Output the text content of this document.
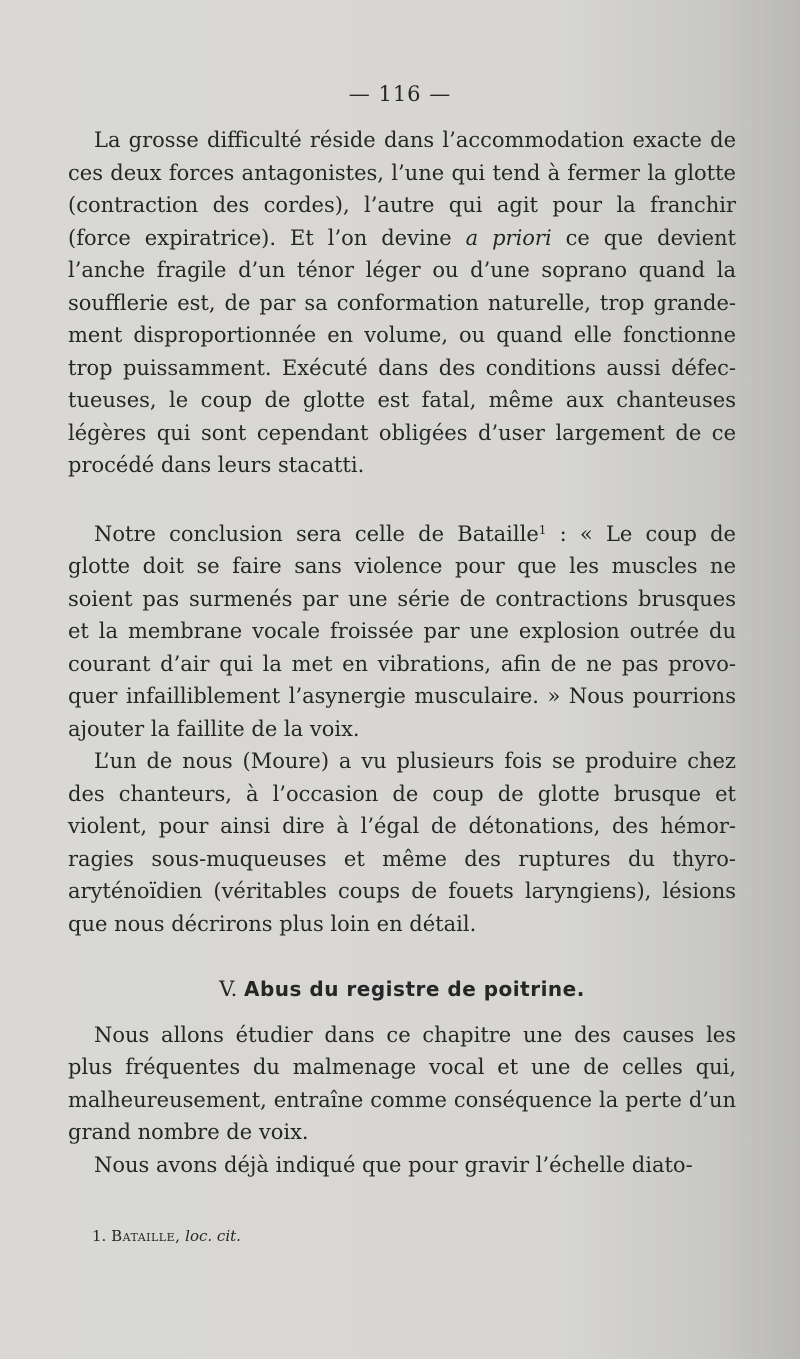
— 116 —

La grosse difficulté réside dans l’accommodation exacte de ces deux forces antagonistes, l’une qui tend à fermer la glotte (contraction des cordes), l’autre qui agit pour la franchir (force expiratrice). Et l’on devine a priori ce que devient l’anche fragile d’un ténor léger ou d’une soprano quand la soufflerie est, de par sa conformation naturelle, trop grande-ment disproportionnée en volume, ou quand elle fonctionne trop puissamment. Exécuté dans des conditions aussi défec-tueuses, le coup de glotte est fatal, même aux chanteuses légères qui sont cependant obligées d’user largement de ce procédé dans leurs stacatti.

Notre conclusion sera celle de Bataille$^1$ : « Le coup de glotte doit se faire sans violence pour que les muscles ne soient pas surmenés par une série de contractions brusques et la membrane vocale froissée par une explosion outrée du courant d’air qui la met en vibrations, afin de ne pas provo-quer infailliblement l’asynergie musculaire. » Nous pourrions ajouter la faillite de la voix.

L’un de nous (Moure) a vu plusieurs fois se produire chez des chanteurs, à l’occasion de coup de glotte brusque et violent, pour ainsi dire à l’égal de détonations, des hémor-ragies sous-muqueuses et même des ruptures du thyro-aryténoïdien (véritables coups de fouets laryngiens), lésions que nous décrirons plus loin en détail.

V. Abus du registre de poitrine.

Nous allons étudier dans ce chapitre une des causes les plus fréquentes du malmenage vocal et une de celles qui, malheureusement, entraîne comme conséquence la perte d’un grand nombre de voix.

Nous avons déjà indiqué que pour gravir l’échelle diato-

1. Bataille, loc. cit.
